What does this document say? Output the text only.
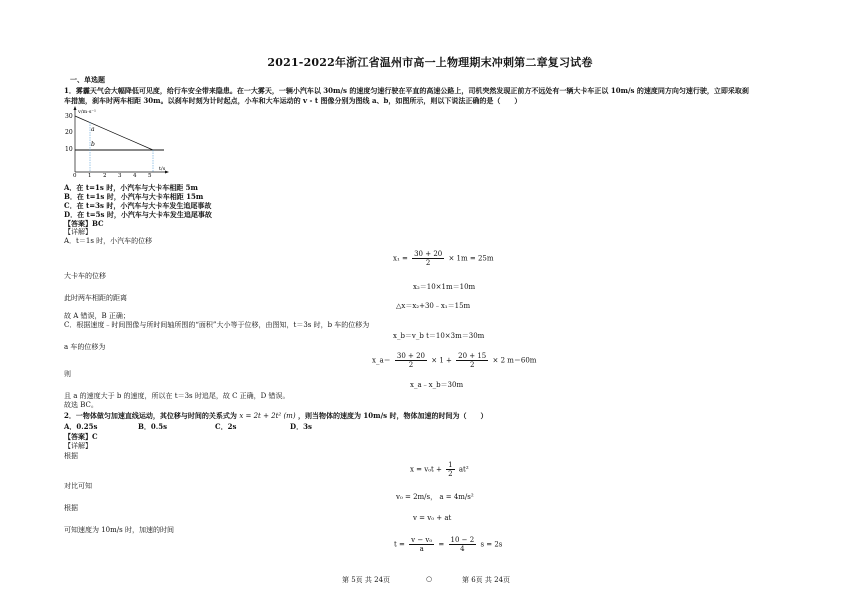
2021-2022年浙江省温州市高一上物理期末冲刺第二章复习试卷
一、单选题
1．雾霾天气会大幅降低可见度，给行车安全带来隐患。在一大雾天，一辆小汽车以 30m/s 的速度匀速行驶在平直的高速公路上，司机突然发现正前方不远处有一辆大卡车正以 10m/s 的速度同方向匀速行驶，立即采取刹
车措施，刹车时两车相距 30m。以刹车时刻为计时起点，小车和大车运动的 v - t 图像分别为图线 a、b，如图所示，则以下说法正确的是（　　）
v/m·s⁻¹
t/s
30
20
10
0 1 2 3 4 5
a
b
A．在 t=1s 时，小汽车与大卡车相距 5m
B．在 t=1s 时，小汽车与大卡车相距 15m
C．在 t=3s 时，小汽车与大卡车发生追尾事故
D．在 t=5s 时，小汽车与大卡车发生追尾事故
【答案】BC
【详解】
A．t＝1s 时，小汽车的位移
$x_1 = \frac{30 + 20}{2} \times 1m = 25m$
大卡车的位移
x₂＝10×1m＝10m
此时两车相距的距离
△x＝x₂+30﹣x₁＝15m
故 A 错误，B 正确；
C．根据速度﹣时间图像与所时间轴所围的“面积”大小等于位移，由图知，t＝3s 时，b 车的位移为
x_b＝v_b t＝10×3m＝30m
a 车的位移为
x_a＝ $\frac{30 + 20}{2} \times 1 + \frac{20 + 15}{2} \times 2$ m＝60m
则
x_a﹣x_b＝30m
且 a 的速度大于 b 的速度，所以在 t＝3s 时追尾，故 C 正确，D 错误。
故选 BC。
2．一物体做匀加速直线运动，其位移与时间的关系式为 x = 2t + 2t² (m) ，则当物体的速度为 10m/s 时，物体加速的时间为（　　）
A．0.25s	B．0.5s	C．2s	D．3s
【答案】C
【详解】
根据
$x = v_0t + \frac{1}{2} at^2$
对比可知
v₀ = 2m/s， a = 4m/s²
根据
v = v₀ + at
可知速度为 10m/s 时，加速的时间
$t = \frac{\text{v − v₀}}{a} = \frac{10 - 2}{4}$ s = 2s
第 5页 共 24页	○	第 6页 共 24页
